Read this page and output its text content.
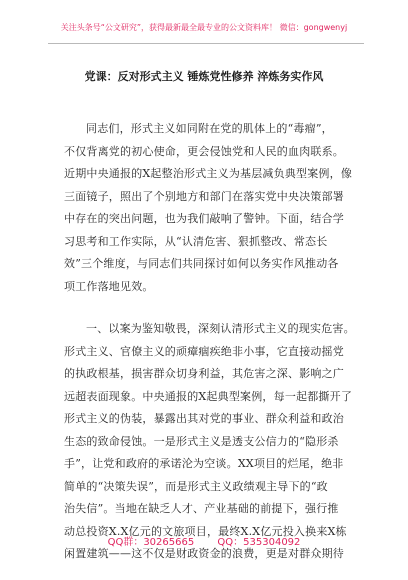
关注头条号“公文研究”，获得最新最全最专业的公文资料库！ 微信：gongwenyj
党课：反对形式主义 锤炼党性修养 淬炼务实作风
同志们，形式主义如同附在党的肌体上的“毒瘤”，
不仅背离党的初心使命，更会侵蚀党和人民的血肉联系。
近期中央通报的X起整治形式主义为基层减负典型案例，像
三面镜子，照出了个别地方和部门在落实党中央决策部署
中存在的突出问题，也为我们敲响了警钟。下面，结合学
习思考和工作实际，从“认清危害、狠抓整改、常态长
效”三个维度，与同志们共同探讨如何以务实作风推动各
项工作落地见效。
一、以案为鉴知敬畏，深刻认清形式主义的现实危害。
形式主义、官僚主义的顽瘴痼疾绝非小事，它直接动摇党
的执政根基，损害群众切身利益，其危害之深、影响之广
远超表面现象。中央通报的X起典型案例，每一起都撕开了
形式主义的伪装，暴露出其对党的事业、群众利益和政治
生态的致命侵蚀。一是形式主义是透支公信力的“隐形杀
手”，让党和政府的承诺沦为空谈。XX项目的烂尾，绝非
简单的“决策失误”，而是形式主义政绩观主导下的“政
治失信”。当地在缺乏人才、产业基础的前提下，强行推
动总投资X.X亿元的文旅项目，最终X.X亿元投入换来X栋
闲置建筑——这不仅是财政资金的浪费，更是对群众期待
QQ群：30265665 QQ：535304092
